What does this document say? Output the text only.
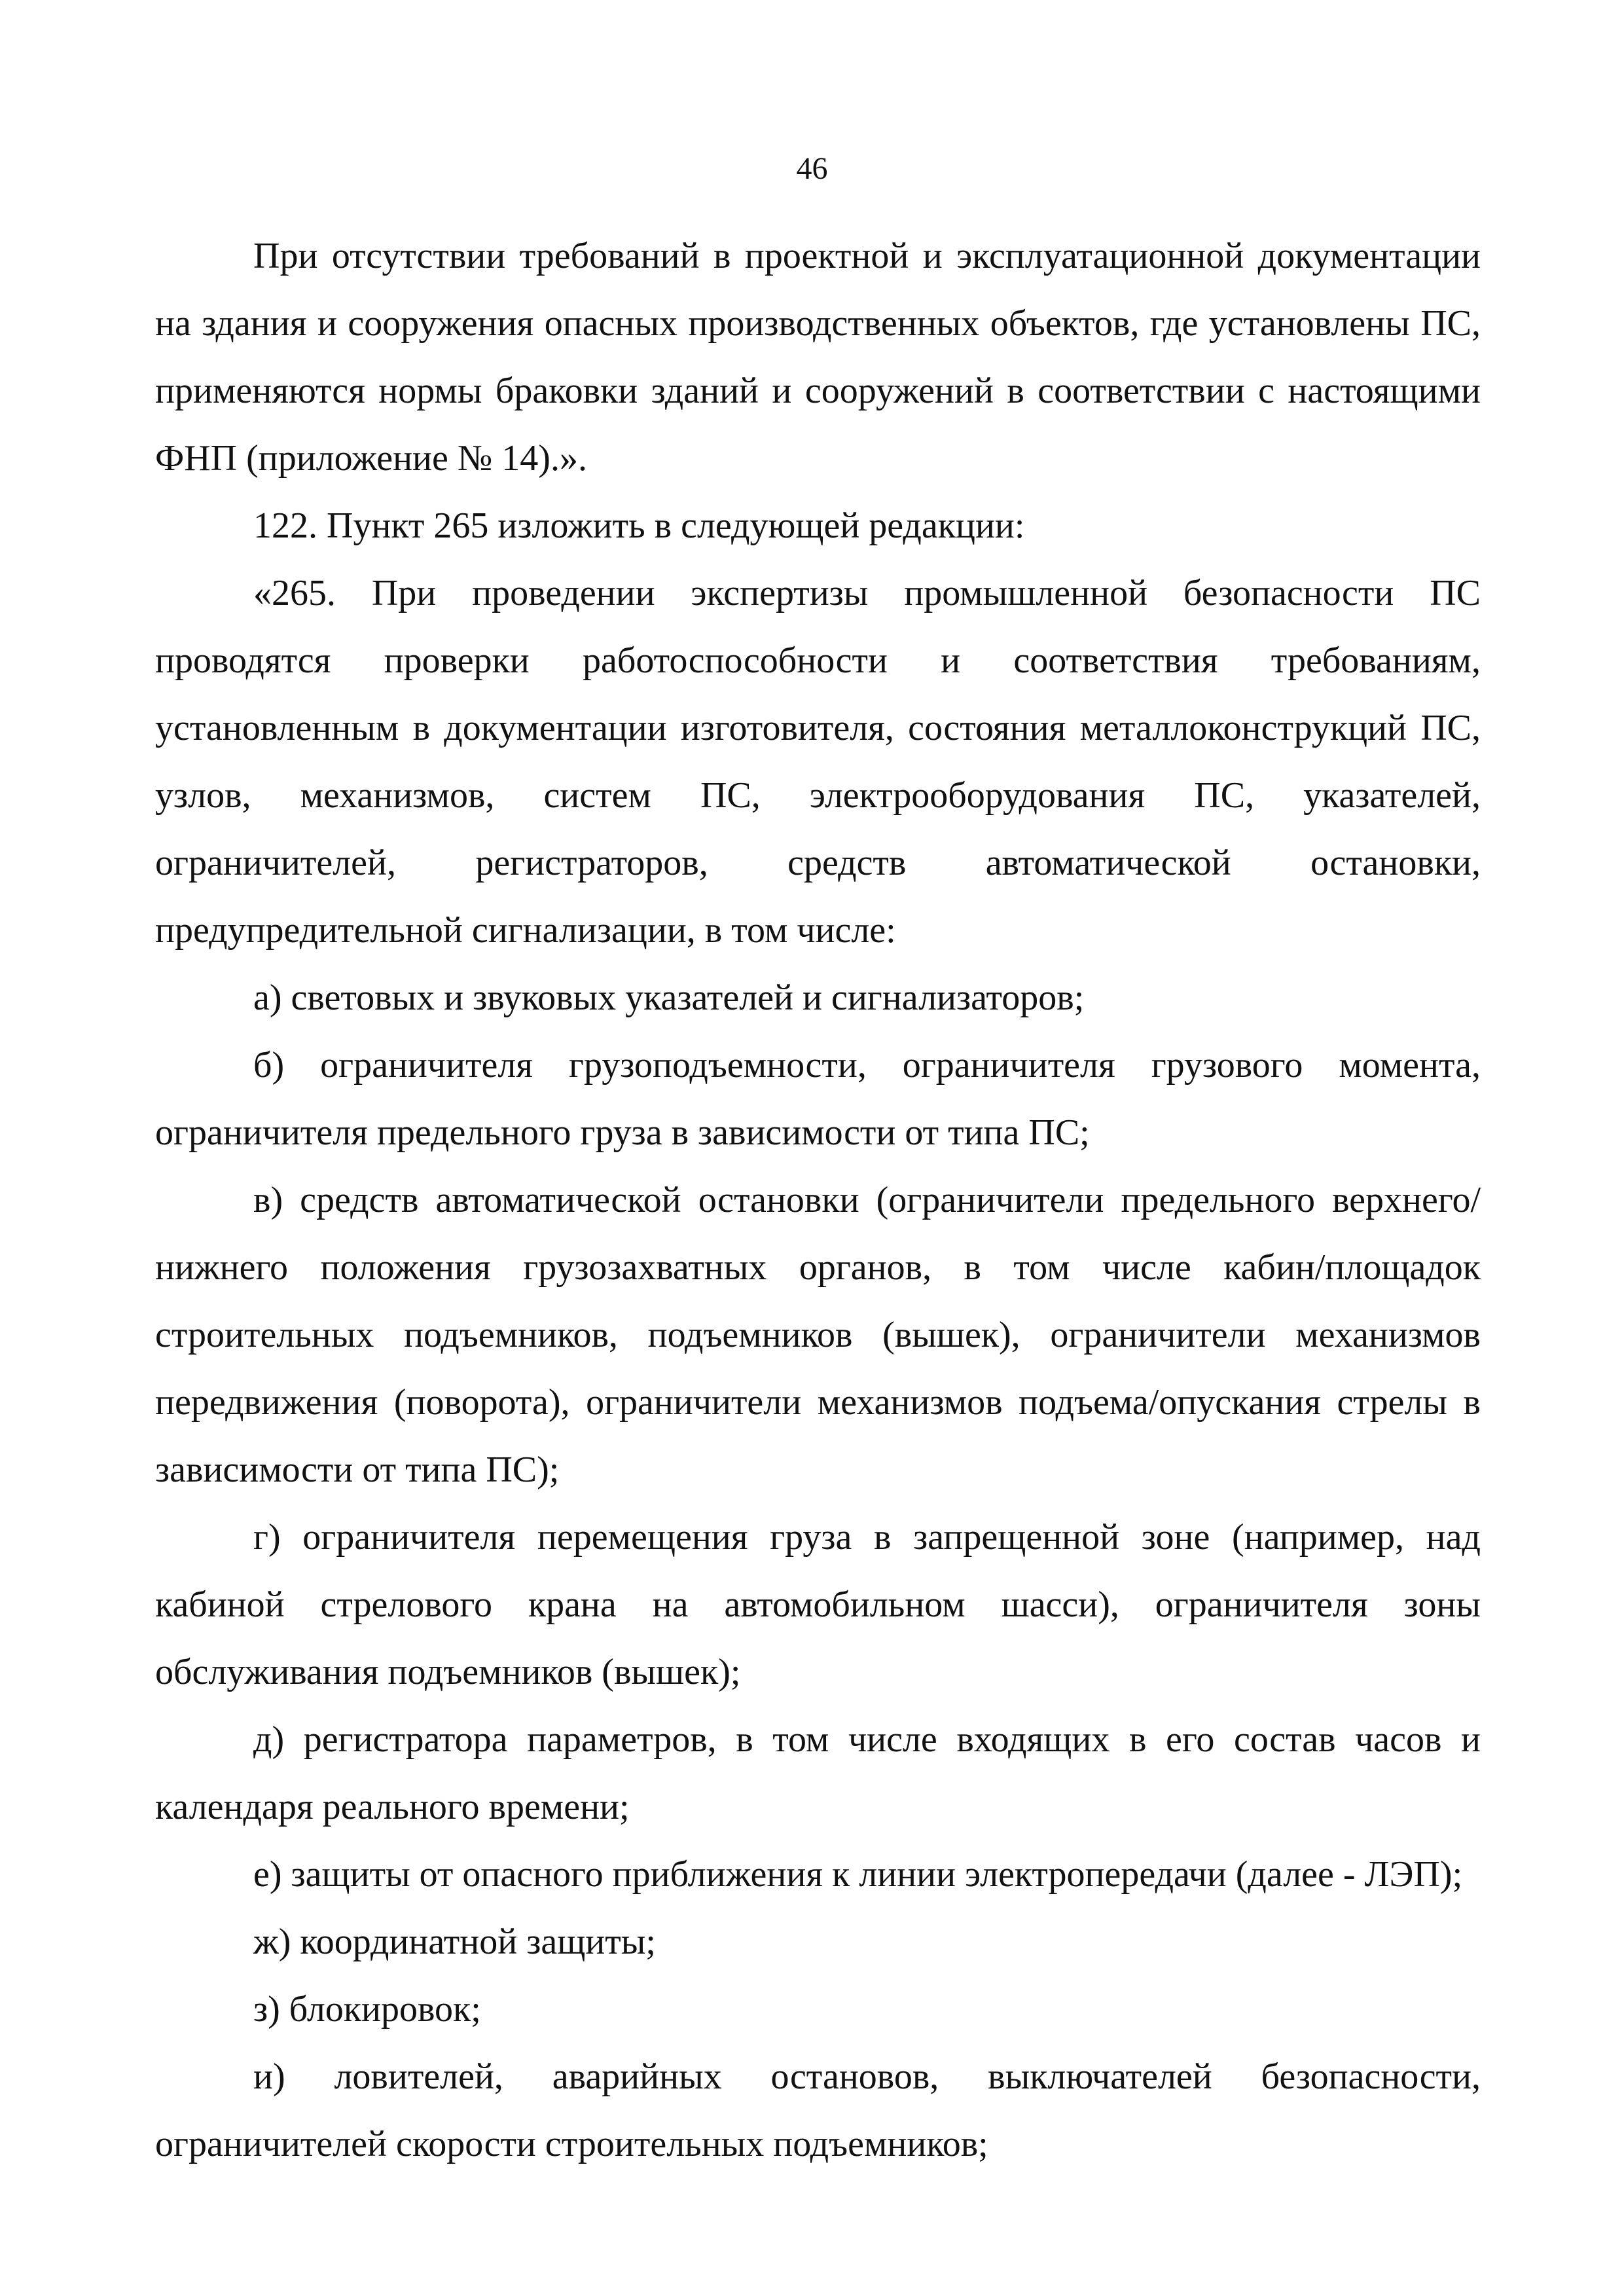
46

При отсутствии требований в проектной и эксплуатационной документации на здания и сооружения опасных производственных объектов, где установлены ПС, применяются нормы браковки зданий и сооружений в соответствии с настоящими ФНП (приложение № 14).».

122. Пункт 265 изложить в следующей редакции:

«265. При проведении экспертизы промышленной безопасности ПС проводятся проверки работоспособности и соответствия требованиям, установленным в документации изготовителя, состояния металлоконструкций ПС, узлов, механизмов, систем ПС, электрооборудования ПС, указателей, ограничителей, регистраторов, средств автоматической остановки, предупредительной сигнализации, в том числе:

а) световых и звуковых указателей и сигнализаторов;

б) ограничителя грузоподъемности, ограничителя грузового момента, ограничителя предельного груза в зависимости от типа ПС;

в) средств автоматической остановки (ограничители предельного верхнего/нижнего положения грузозахватных органов, в том числе кабин/площадок строительных подъемников, подъемников (вышек), ограничители механизмов передвижения (поворота), ограничители механизмов подъема/опускания стрелы в зависимости от типа ПС);

г) ограничителя перемещения груза в запрещенной зоне (например, над кабиной стрелового крана на автомобильном шасси), ограничителя зоны обслуживания подъемников (вышек);

д) регистратора параметров, в том числе входящих в его состав часов и календаря реального времени;

е) защиты от опасного приближения к линии электропередачи (далее - ЛЭП);

ж) координатной защиты;

з) блокировок;

и) ловителей, аварийных остановов, выключателей безопасности, ограничителей скорости строительных подъемников;
